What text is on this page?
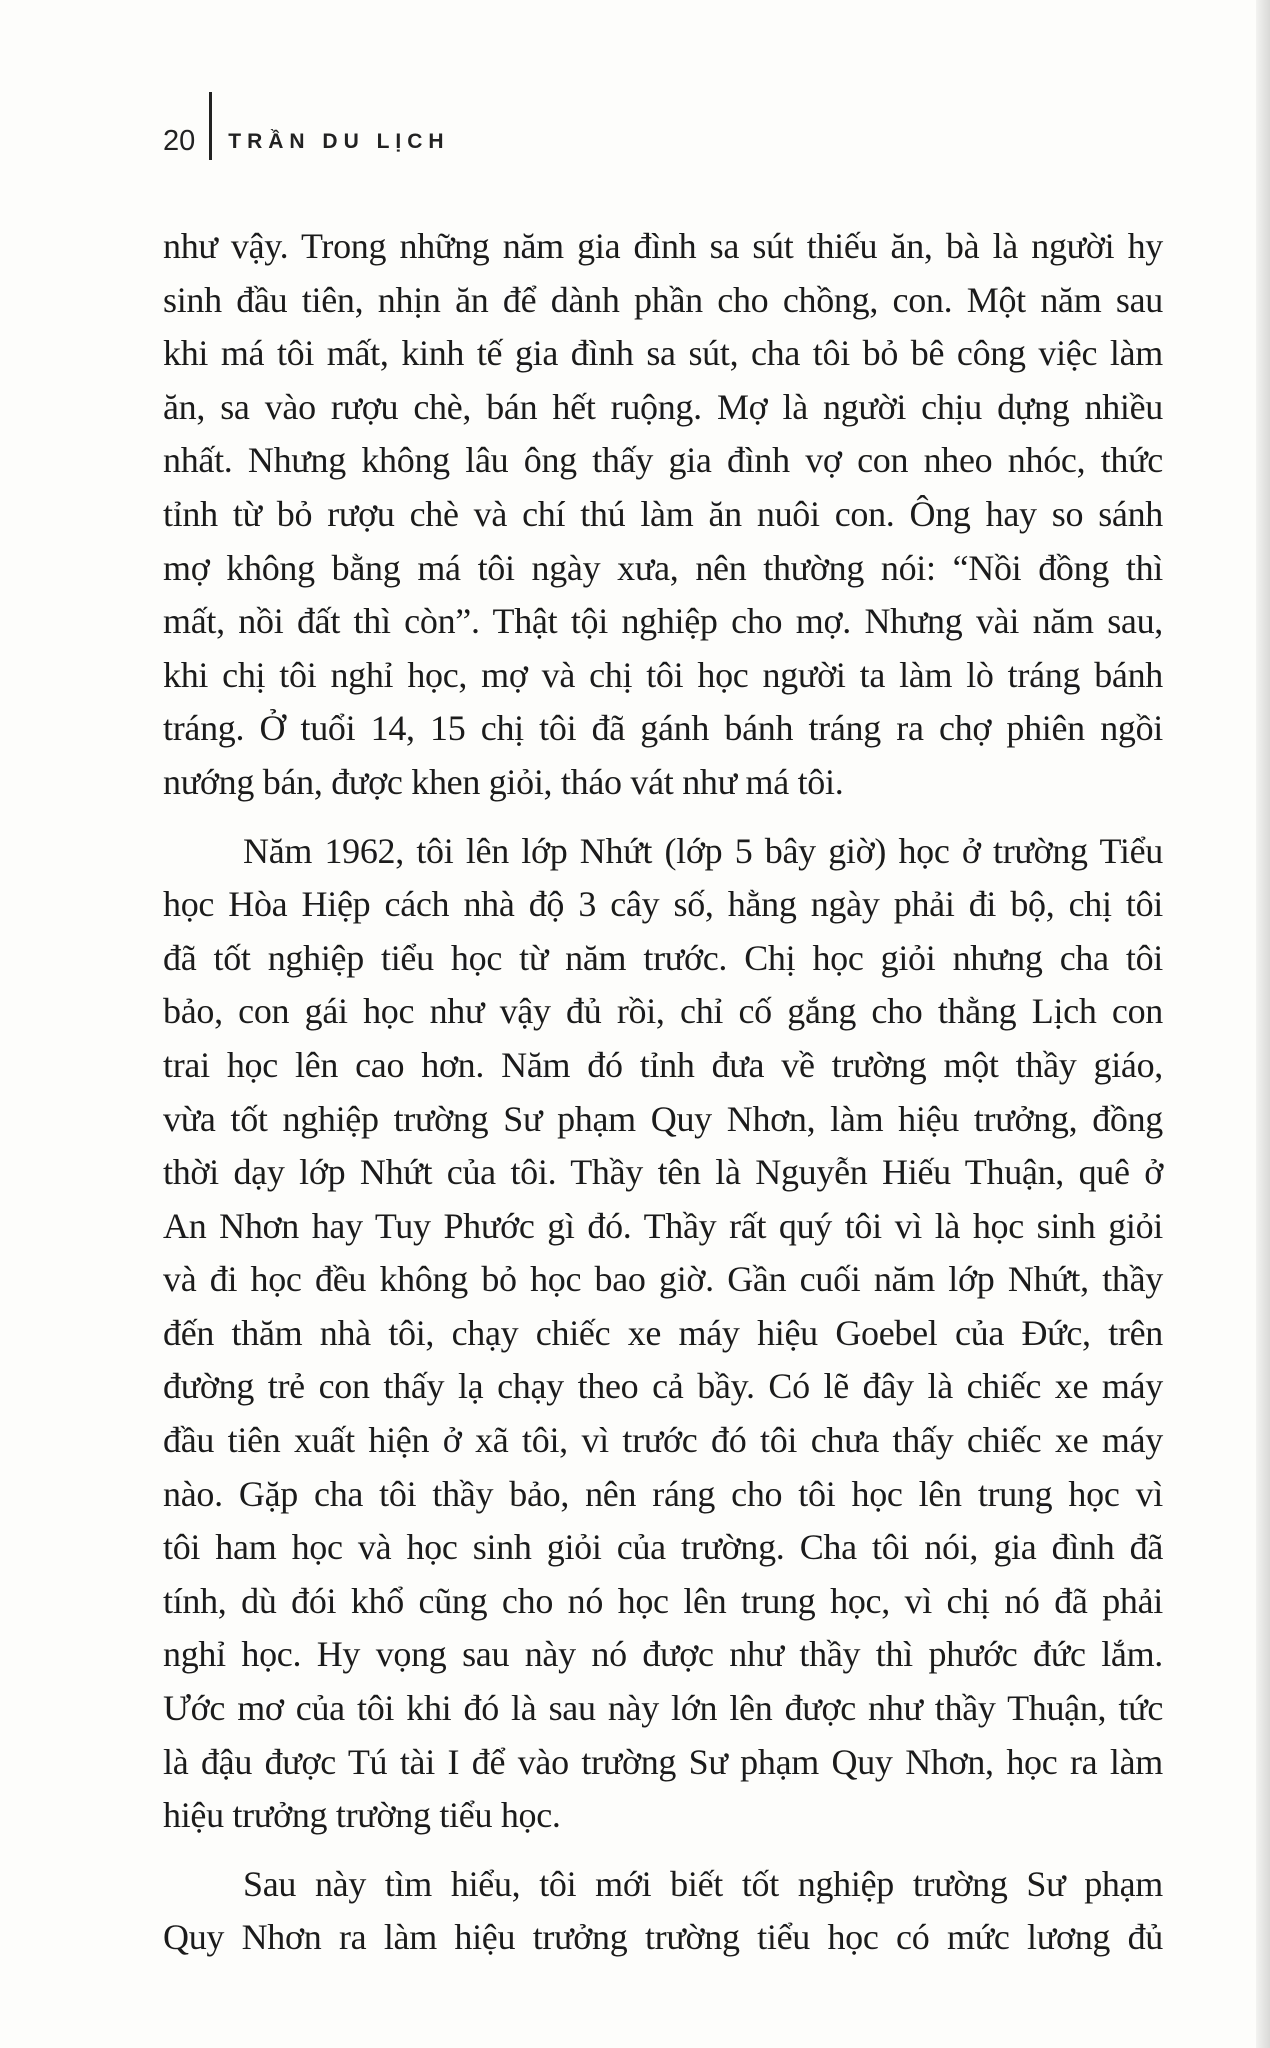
20 TRẦN DU LỊCH
như vậy. Trong những năm gia đình sa sút thiếu ăn, bà là người hy
sinh đầu tiên, nhịn ăn để dành phần cho chồng, con. Một năm sau
khi má tôi mất, kinh tế gia đình sa sút, cha tôi bỏ bê công việc làm
ăn, sa vào rượu chè, bán hết ruộng. Mợ là người chịu dựng nhiều
nhất. Nhưng không lâu ông thấy gia đình vợ con nheo nhóc, thức
tỉnh từ bỏ rượu chè và chí thú làm ăn nuôi con. Ông hay so sánh
mợ không bằng má tôi ngày xưa, nên thường nói: “Nồi đồng thì
mất, nồi đất thì còn”. Thật tội nghiệp cho mợ. Nhưng vài năm sau,
khi chị tôi nghỉ học, mợ và chị tôi học người ta làm lò tráng bánh
tráng. Ở tuổi 14, 15 chị tôi đã gánh bánh tráng ra chợ phiên ngồi
nướng bán, được khen giỏi, tháo vát như má tôi.
Năm 1962, tôi lên lớp Nhứt (lớp 5 bây giờ) học ở trường Tiểu
học Hòa Hiệp cách nhà độ 3 cây số, hằng ngày phải đi bộ, chị tôi
đã tốt nghiệp tiểu học từ năm trước. Chị học giỏi nhưng cha tôi
bảo, con gái học như vậy đủ rồi, chỉ cố gắng cho thằng Lịch con
trai học lên cao hơn. Năm đó tỉnh đưa về trường một thầy giáo,
vừa tốt nghiệp trường Sư phạm Quy Nhơn, làm hiệu trưởng, đồng
thời dạy lớp Nhứt của tôi. Thầy tên là Nguyễn Hiếu Thuận, quê ở
An Nhơn hay Tuy Phước gì đó. Thầy rất quý tôi vì là học sinh giỏi
và đi học đều không bỏ học bao giờ. Gần cuối năm lớp Nhứt, thầy
đến thăm nhà tôi, chạy chiếc xe máy hiệu Goebel của Đức, trên
đường trẻ con thấy lạ chạy theo cả bầy. Có lẽ đây là chiếc xe máy
đầu tiên xuất hiện ở xã tôi, vì trước đó tôi chưa thấy chiếc xe máy
nào. Gặp cha tôi thầy bảo, nên ráng cho tôi học lên trung học vì
tôi ham học và học sinh giỏi của trường. Cha tôi nói, gia đình đã
tính, dù đói khổ cũng cho nó học lên trung học, vì chị nó đã phải
nghỉ học. Hy vọng sau này nó được như thầy thì phước đức lắm.
Ước mơ của tôi khi đó là sau này lớn lên được như thầy Thuận, tức
là đậu được Tú tài I để vào trường Sư phạm Quy Nhơn, học ra làm
hiệu trưởng trường tiểu học.
Sau này tìm hiểu, tôi mới biết tốt nghiệp trường Sư phạm
Quy Nhơn ra làm hiệu trưởng trường tiểu học có mức lương đủ
